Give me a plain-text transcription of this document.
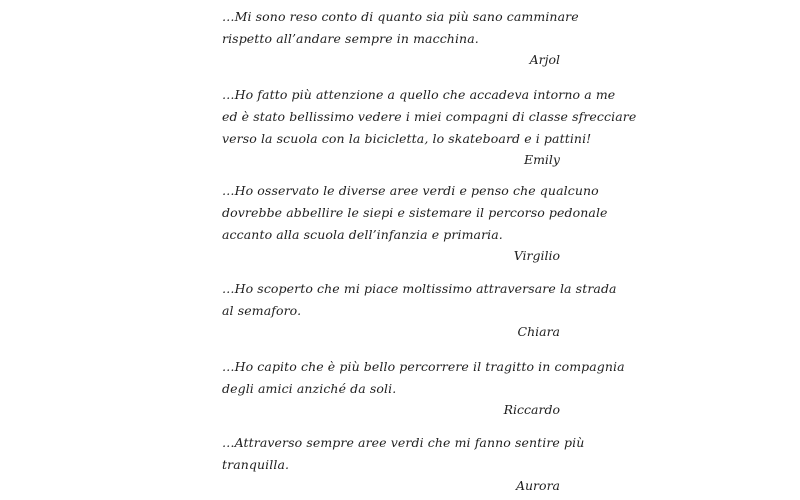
…Mi sono reso conto di quanto sia più sano camminare
rispetto all’andare sempre in macchina.
Arjol
…Ho fatto più attenzione a quello che accadeva intorno a me
ed è stato bellissimo vedere i miei compagni di classe sfrecciare
verso la scuola con la bicicletta, lo skateboard e i pattini!
Emily
…Ho osservato le diverse aree verdi e penso che qualcuno
dovrebbe abbellire le siepi e sistemare il percorso pedonale
accanto alla scuola dell’infanzia e primaria.
Virgilio
…Ho scoperto che mi piace moltissimo attraversare la strada
al semaforo.
Chiara
…Ho capito che è più bello percorrere il tragitto in compagnia
degli amici anziché da soli.
Riccardo
…Attraverso sempre aree verdi che mi fanno sentire più
tranquilla.
Aurora
